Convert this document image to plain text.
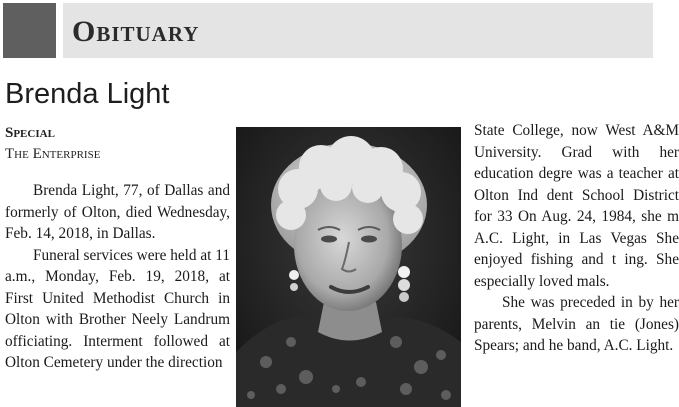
Obituary
Brenda Light

Special

The Enterprise

Brenda Light, 77, of Dallas and formerly of Olton, died Wednesday, Feb. 14, 2018, in Dallas.

Funeral services were held at 11 a.m., Monday, Feb. 19, 2018, at First United Methodist Church in Olton with Brother Neely Landrum officiating. Interment followed at Olton Cemetery under the direction

State College, now West A&M University. Grad with her education degre was a teacher at Olton Ind dent School District for 33 On Aug. 24, 1984, she m A.C. Light, in Las Vegas She enjoyed fishing and t ing. She especially loved mals.

She was preceded in by her parents, Melvin an tie (Jones) Spears; and he band, A.C. Light.
